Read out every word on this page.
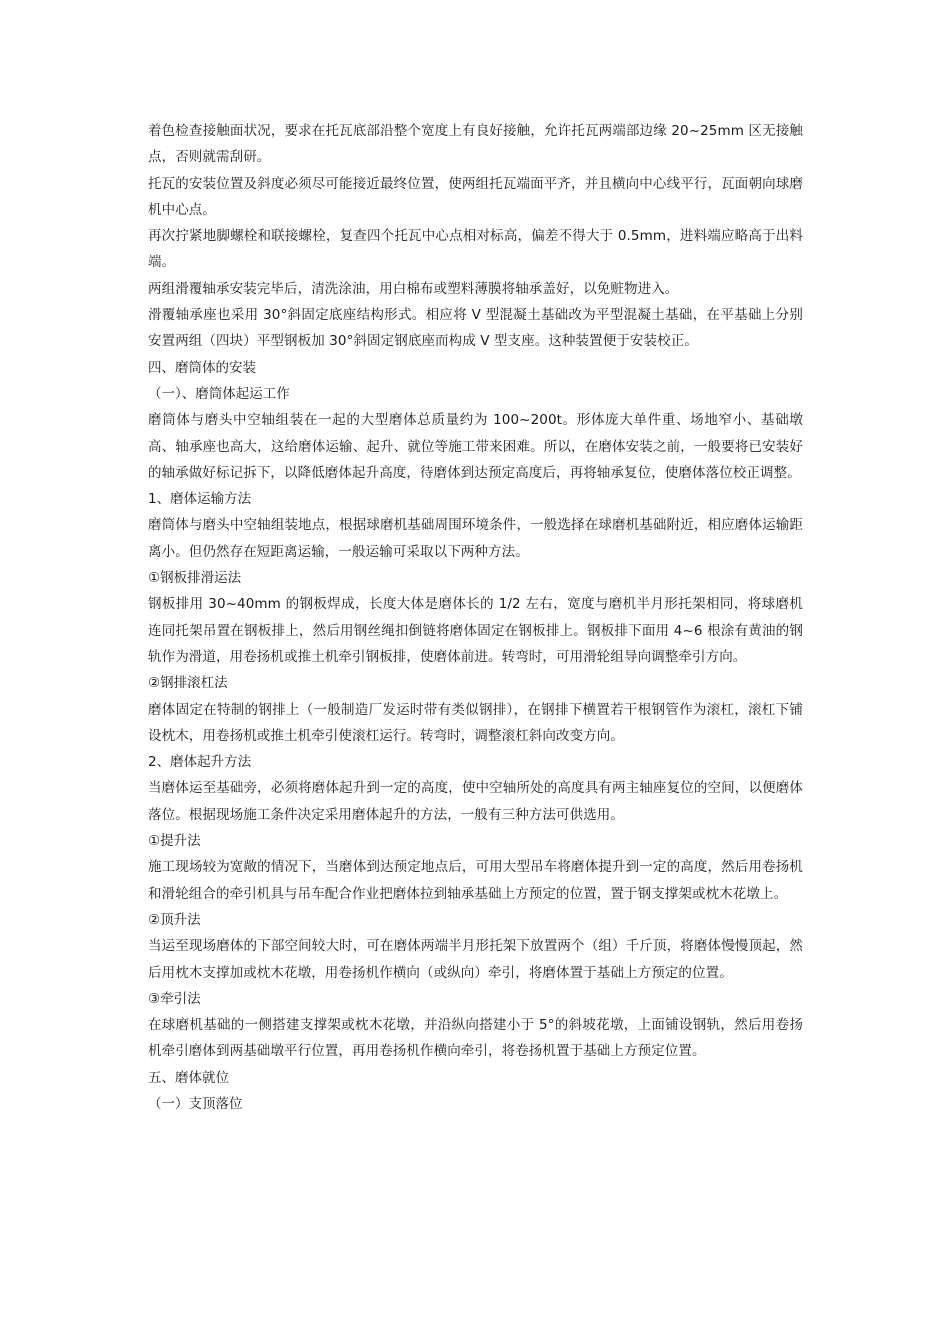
着色检查接触面状况，要求在托瓦底部沿整个宽度上有良好接触，允许托瓦两端部边缘 20~25mm 区无接触点，否则就需刮研。

托瓦的安装位置及斜度必须尽可能接近最终位置，使两组托瓦端面平齐，并且横向中心线平行，瓦面朝向球磨机中心点。

再次拧紧地脚螺栓和联接螺栓，复查四个托瓦中心点相对标高，偏差不得大于 0.5mm，进料端应略高于出料端。

两组滑覆轴承安装完毕后，清洗涂油，用白棉布或塑料薄膜将轴承盖好，以免赃物进入。

滑覆轴承座也采用 30°斜固定底座结构形式。相应将 V 型混凝土基础改为平型混凝土基础，在平基础上分别安置两组（四块）平型钢板加 30°斜固定钢底座而构成 V 型支座。这种装置便于安装校正。

四、磨筒体的安装

（一）、磨筒体起运工作

磨筒体与磨头中空轴组装在一起的大型磨体总质量约为 100~200t。形体庞大单件重、场地窄小、基础墩高、轴承座也高大，这给磨体运输、起升、就位等施工带来困难。所以，在磨体安装之前，一般要将已安装好的轴承做好标记拆下，以降低磨体起升高度，待磨体到达预定高度后，再将轴承复位，使磨体落位校正调整。

1、磨体运输方法

磨筒体与磨头中空轴组装地点，根据球磨机基础周围环境条件，一般选择在球磨机基础附近，相应磨体运输距离小。但仍然存在短距离运输，一般运输可采取以下两种方法。

①钢板排滑运法

钢板排用 30~40mm 的钢板焊成，长度大体是磨体长的 1/2 左右，宽度与磨机半月形托架相同，将球磨机连同托架吊置在钢板排上，然后用钢丝绳扣倒链将磨体固定在钢板排上。钢板排下面用 4~6 根涂有黄油的钢轨作为滑道，用卷扬机或推土机牵引钢板排，使磨体前进。转弯时，可用滑轮组导向调整牵引方向。

②钢排滚杠法

磨体固定在特制的钢排上（一般制造厂发运时带有类似钢排），在钢排下横置若干根钢管作为滚杠，滚杠下铺设枕木，用卷扬机或推土机牵引使滚杠运行。转弯时，调整滚杠斜向改变方向。

2、磨体起升方法

当磨体运至基础旁，必须将磨体起升到一定的高度，使中空轴所处的高度具有两主轴座复位的空间，以便磨体落位。根据现场施工条件决定采用磨体起升的方法，一般有三种方法可供选用。

①提升法

施工现场较为宽敞的情况下，当磨体到达预定地点后，可用大型吊车将磨体提升到一定的高度，然后用卷扬机和滑轮组合的牵引机具与吊车配合作业把磨体拉到轴承基础上方预定的位置，置于钢支撑架或枕木花墩上。

②顶升法

当运至现场磨体的下部空间较大时，可在磨体两端半月形托架下放置两个（组）千斤顶，将磨体慢慢顶起，然后用枕木支撑加或枕木花墩，用卷扬机作横向（或纵向）牵引，将磨体置于基础上方预定的位置。

③牵引法

在球磨机基础的一侧搭建支撑架或枕木花墩，并沿纵向搭建小于 5°的斜坡花墩，上面铺设钢轨，然后用卷扬机牵引磨体到两基础墩平行位置，再用卷扬机作横向牵引，将卷扬机置于基础上方预定位置。

五、磨体就位

（一）支顶落位
